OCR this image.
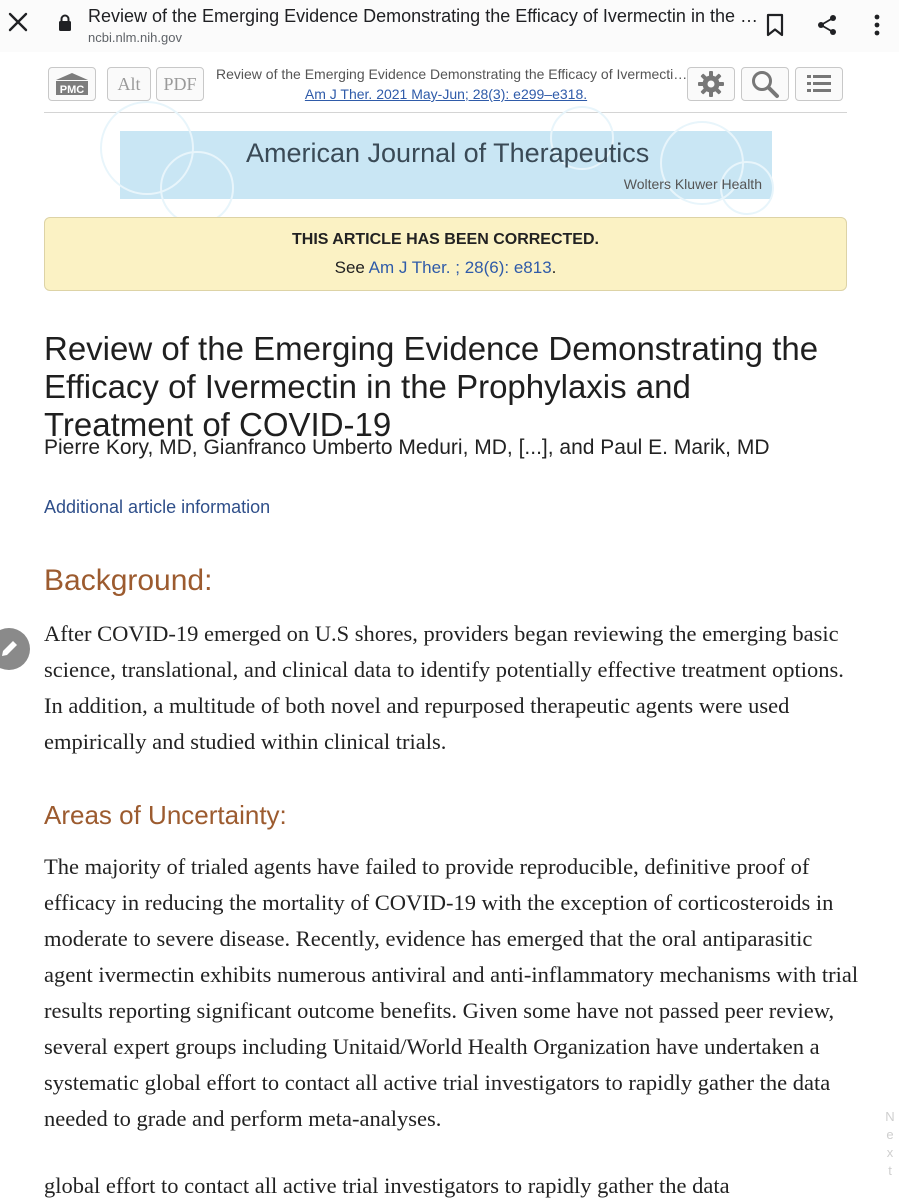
Review of the Emerging Evidence Demonstrating the Efficacy of Ivermectin in the …
ncbi.nlm.nih.gov
PMC	Alt	PDF	Review of the Emerging Evidence Demonstrating the Efficacy of Ivermecti…
Am J Ther. 2021 May-Jun; 28(3): e299–e318.
American Journal of Therapeutics
Wolters Kluwer Health
THIS ARTICLE HAS BEEN CORRECTED.
See Am J Ther. ; 28(6): e813.
Review of the Emerging Evidence Demonstrating the Efficacy of Ivermectin in the Prophylaxis and Treatment of COVID-19
Pierre Kory, MD, Gianfranco Umberto Meduri, MD, [...], and Paul E. Marik, MD
Additional article information
Background:
After COVID-19 emerged on U.S shores, providers began reviewing the emerging basic science, translational, and clinical data to identify potentially effective treatment options. In addition, a multitude of both novel and repurposed therapeutic agents were used empirically and studied within clinical trials.
Areas of Uncertainty:
The majority of trialed agents have failed to provide reproducible, definitive proof of efficacy in reducing the mortality of COVID-19 with the exception of corticosteroids in moderate to severe disease. Recently, evidence has emerged that the oral antiparasitic agent ivermectin exhibits numerous antiviral and anti-inflammatory mechanisms with trial results reporting significant outcome benefits. Given some have not passed peer review, several expert groups including Unitaid/World Health Organization have undertaken a systematic global effort to contact all active trial investigators to rapidly gather the data needed to grade and perform meta-analyses.
global effort to contact all active trial investigators to rapidly gather the data
N
e
x
t
